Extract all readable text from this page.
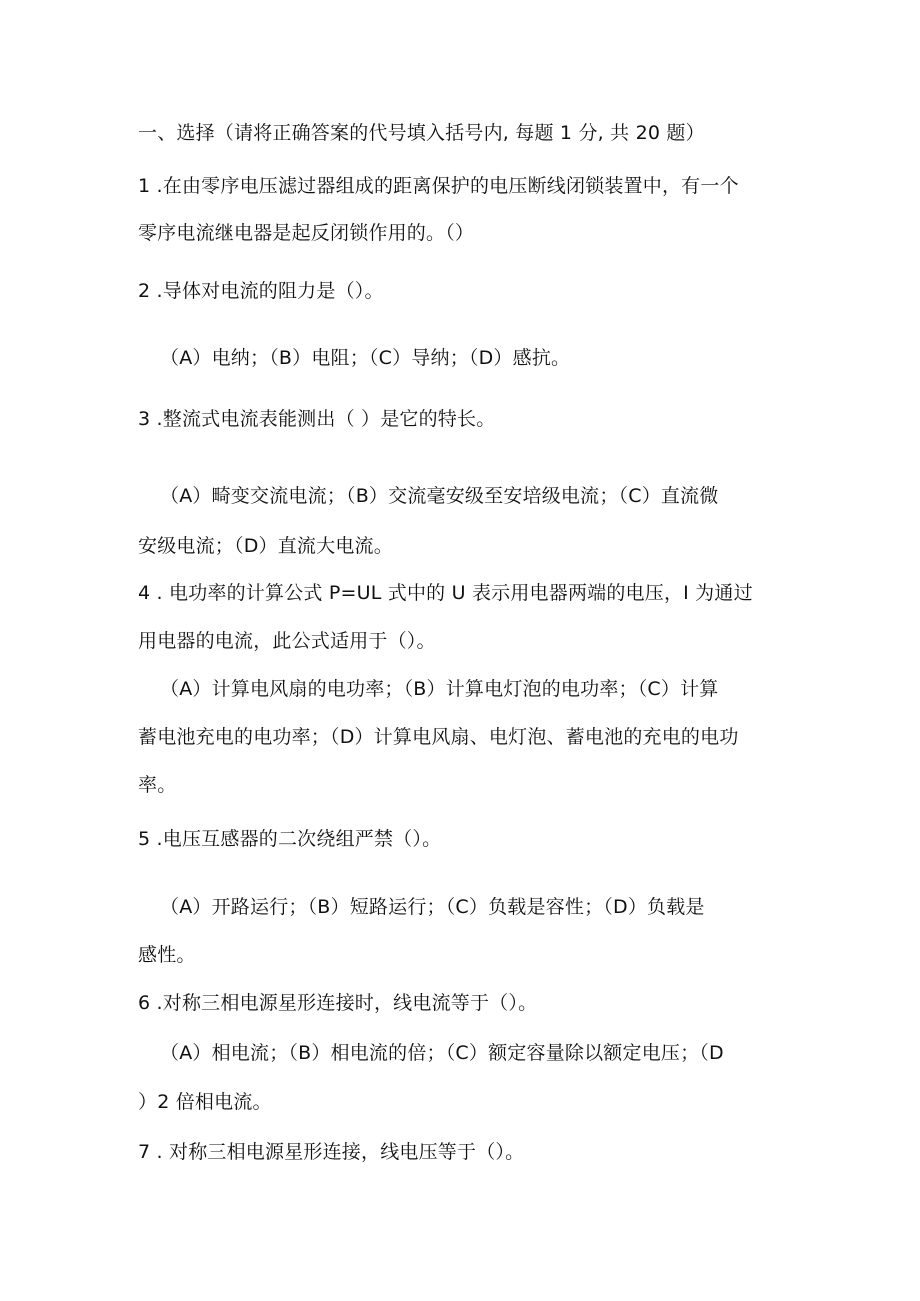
一、选择（请将正确答案的代号填入括号内, 每题 1 分, 共 20 题）
1 .在由零序电压滤过器组成的距离保护的电压断线闭锁装置中，有一个
零序电流继电器是起反闭锁作用的。（）
2 .导体对电流的阻力是（）。
（A）电纳；（B）电阻；（C）导纳；（D）感抗。
3 .整流式电流表能测出（ ）是它的特长。
（A）畸变交流电流；（B）交流毫安级至安培级电流；（C）直流微
安级电流；（D）直流大电流。
4 . 电功率的计算公式 P=UL 式中的 U 表示用电器两端的电压，I 为通过
用电器的电流，此公式适用于（）。
（A）计算电风扇的电功率；（B）计算电灯泡的电功率；（C）计算
蓄电池充电的电功率；（D）计算电风扇、电灯泡、蓄电池的充电的电功
率。
5 .电压互感器的二次绕组严禁（）。
（A）开路运行；（B）短路运行；（C）负载是容性；（D）负载是
感性。
6 .对称三相电源星形连接时，线电流等于（）。
（A）相电流；（B）相电流的倍；（C）额定容量除以额定电压；（D
）2 倍相电流。
7 . 对称三相电源星形连接，线电压等于（）。
